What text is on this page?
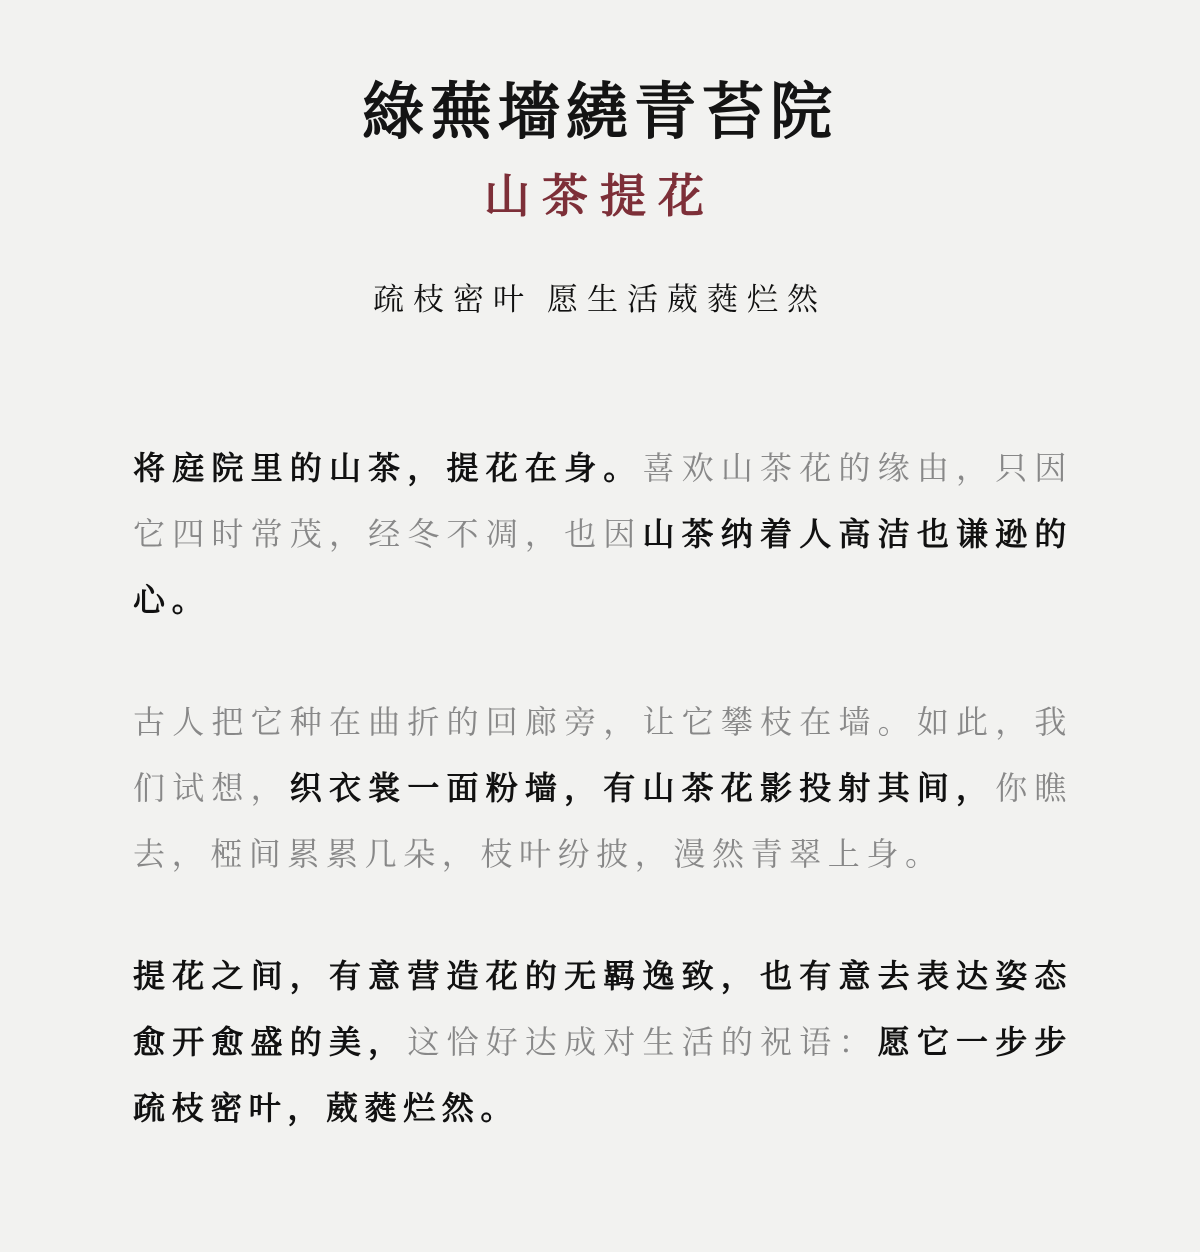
綠蕪墻繞青苔院
山茶提花
疏枝密叶 愿生活葳蕤烂然

将庭院里的山茶，提花在身。喜欢山茶花的缘由，只因它四时常茂，经冬不凋，也因山茶纳着人高洁也谦逊的心。

古人把它种在曲折的回廊旁，让它攀枝在墙。如此，我们试想，织衣裳一面粉墙，有山茶花影投射其间，你瞧去，椏间累累几朵，枝叶纷披，漫然青翠上身。

提花之间，有意营造花的无羁逸致，也有意去表达姿态愈开愈盛的美，这恰好达成对生活的祝语：愿它一步步疏枝密叶，葳蕤烂然。
